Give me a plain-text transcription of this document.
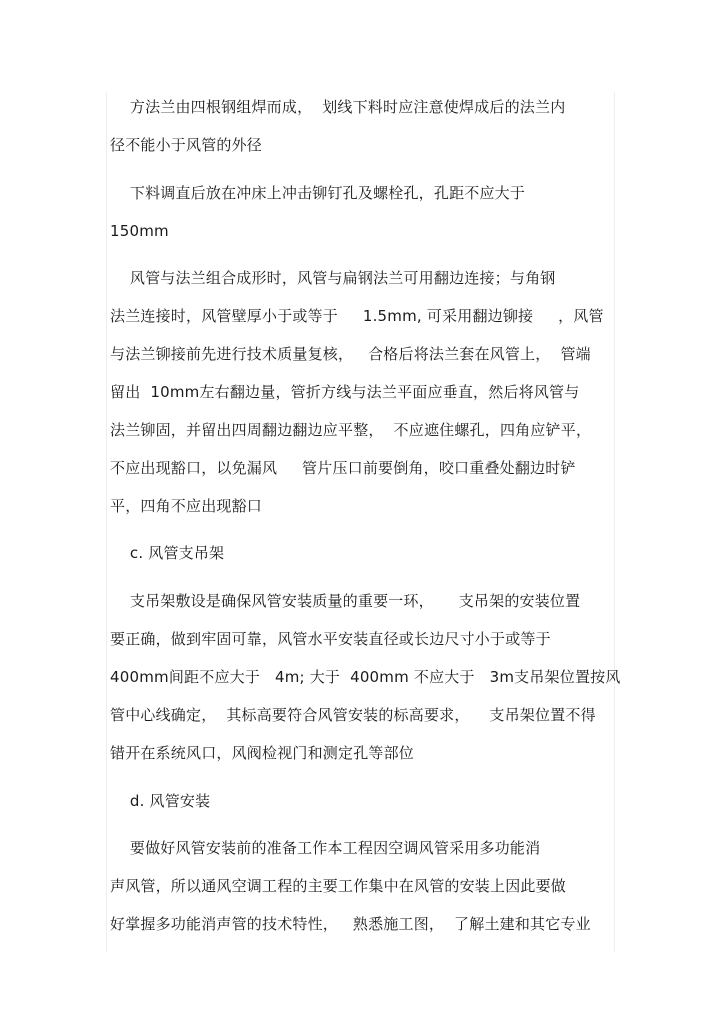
方法兰由四根钢组焊而成，  划线下料时应注意使焊成后的法兰内
径不能小于风管的外径
下料调直后放在冲床上冲击铆钉孔及螺栓孔，孔距不应大于
150mm
风管与法兰组合成形时，风管与扁钢法兰可用翻边连接；与角钢
法兰连接时，风管壁厚小于或等于     1.5mm, 可采用翻边铆接     ，风管
与法兰铆接前先进行技术质量复核，   合格后将法兰套在风管上，  管端
留出  10mm左右翻边量，管折方线与法兰平面应垂直，然后将风管与
法兰铆固，并留出四周翻边翻边应平整，  不应遮住螺孔，四角应铲平，
不应出现豁口，以免漏风     管片压口前要倒角，咬口重叠处翻边时铲
平，四角不应出现豁口
c. 风管支吊架
支吊架敷设是确保风管安装质量的重要一环，     支吊架的安装位置
要正确，做到牢固可靠，风管水平安装直径或长边尺寸小于或等于
400mm间距不应大于   4m; 大于  400mm 不应大于   3m支吊架位置按风
管中心线确定，  其标高要符合风管安装的标高要求，    支吊架位置不得
错开在系统风口，风阀检视门和测定孔等部位
d. 风管安装
要做好风管安装前的准备工作本工程因空调风管采用多功能消
声风管，所以通风空调工程的主要工作集中在风管的安装上因此要做
好掌握多功能消声管的技术特性，   熟悉施工图，  了解土建和其它专业
